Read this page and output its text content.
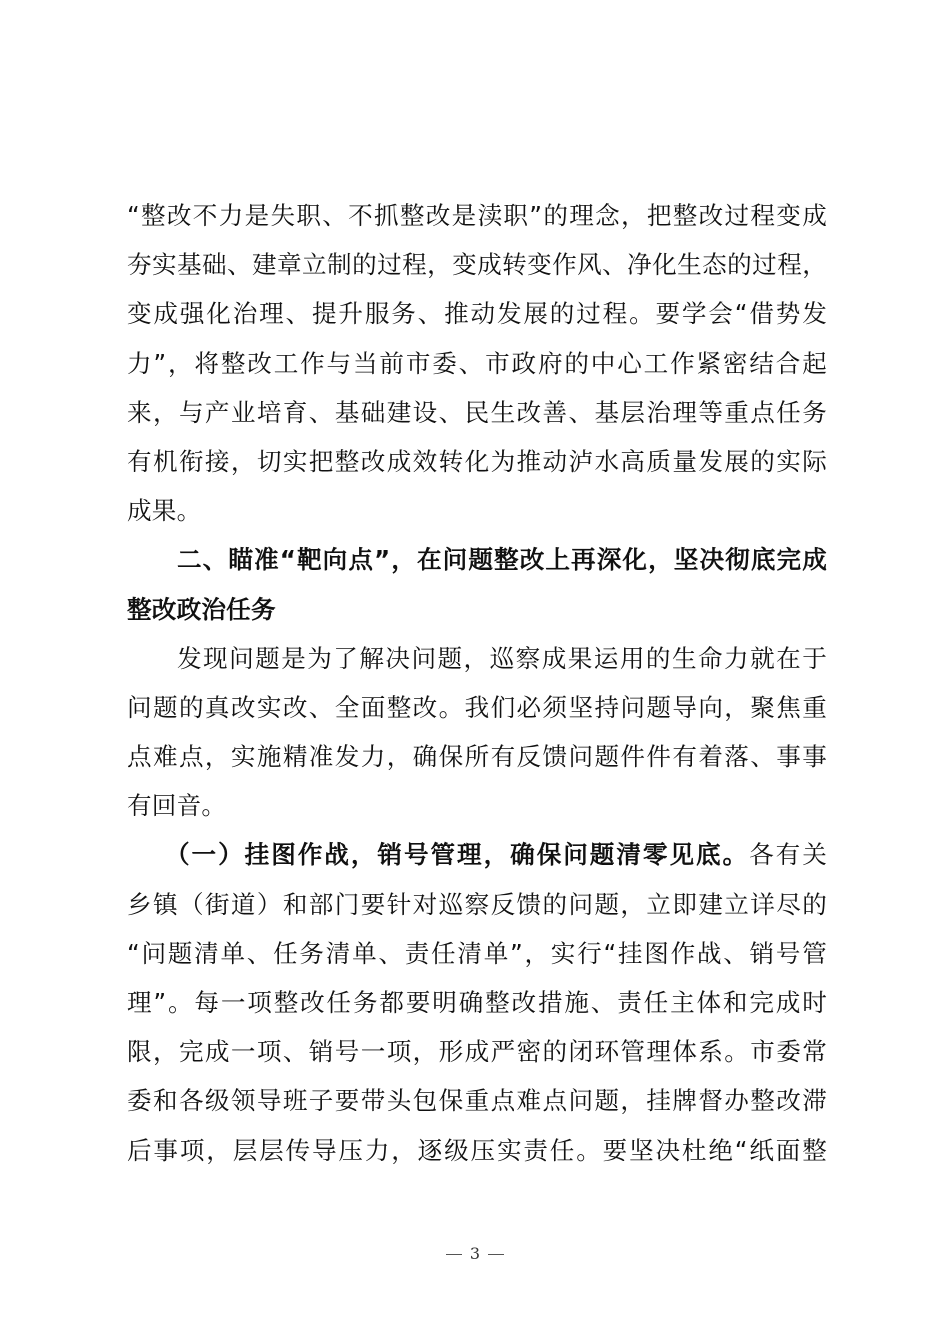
“整改不力是失职、不抓整改是渎职”的理念，把整改过程变成
夯实基础、建章立制的过程，变成转变作风、净化生态的过程，
变成强化治理、提升服务、推动发展的过程。要学会“借势发
力”，将整改工作与当前市委、市政府的中心工作紧密结合起
来，与产业培育、基础建设、民生改善、基层治理等重点任务
有机衔接，切实把整改成效转化为推动泸水高质量发展的实际
成果。
二、瞄准“靶向点”，在问题整改上再深化，坚决彻底完成
整改政治任务
发现问题是为了解决问题，巡察成果运用的生命力就在于
问题的真改实改、全面整改。我们必须坚持问题导向，聚焦重
点难点，实施精准发力，确保所有反馈问题件件有着落、事事
有回音。
（一）挂图作战，销号管理，确保问题清零见底。各有关
乡镇（街道）和部门要针对巡察反馈的问题，立即建立详尽的
“问题清单、任务清单、责任清单”，实行“挂图作战、销号管
理”。每一项整改任务都要明确整改措施、责任主体和完成时
限，完成一项、销号一项，形成严密的闭环管理体系。市委常
委和各级领导班子要带头包保重点难点问题，挂牌督办整改滞
后事项，层层传导压力，逐级压实责任。要坚决杜绝“纸面整
3
